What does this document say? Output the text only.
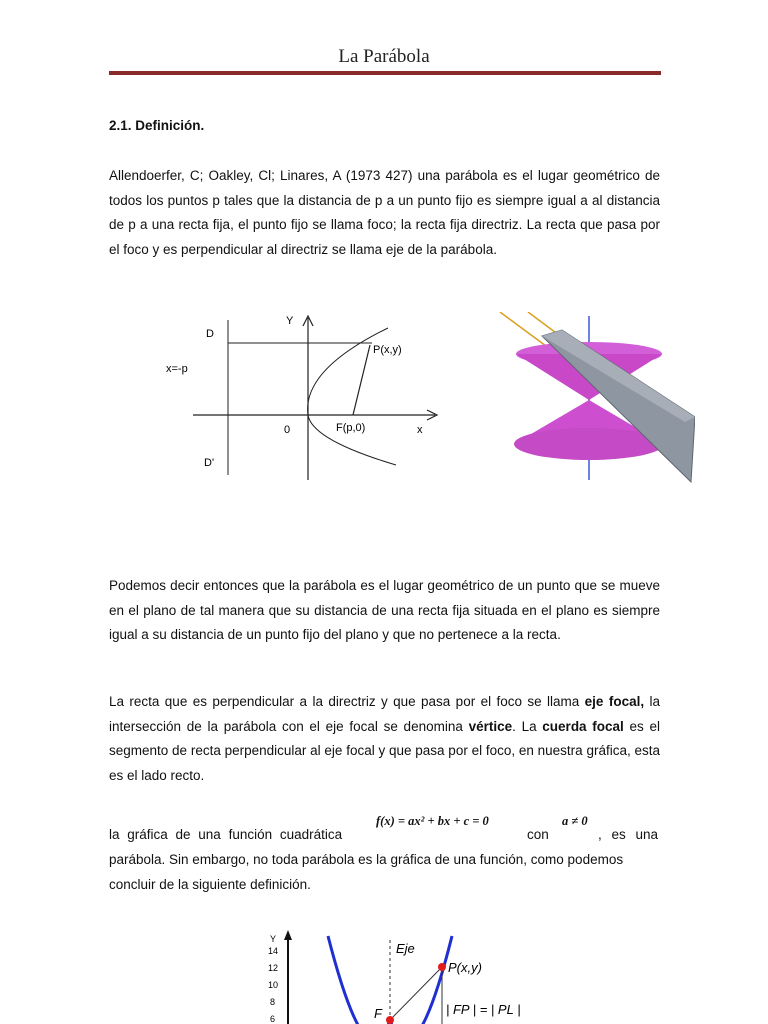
La Parábola
2.1. Definición.
Allendoerfer, C; Oakley, Cl; Linares, A (1973 427) una parábola es el lugar geométrico de todos los puntos p tales que la distancia de p a un punto fijo es siempre igual a al distancia de p a una recta fija, el punto fijo se llama foco; la recta fija directriz. La recta que pasa por el foco y es perpendicular al directriz se llama eje de la parábola.
D
D'
x=-p
Y
x
0
P(x,y)
F(p,0)
Podemos decir entonces que la parábola es el lugar geométrico de un punto que se mueve en el plano de tal manera que su distancia de una recta fija situada en el plano es siempre igual a su distancia de un punto fijo del plano y que no pertenece a la recta.
La recta que es perpendicular a la directriz y que pasa por el foco se llama eje focal, la intersección de la parábola con el eje focal se denomina vértice. La cuerda focal es el segmento de recta perpendicular al eje focal y que pasa por el foco, en nuestra gráfica, esta es el lado recto.
la gráfica de una función cuadrática
f(x) = ax² + bx + c = 0
con
a ≠ 0
, es una
parábola. Sin embargo, no toda parábola es la gráfica de una función, como podemos
concluir de la siguiente definición.
Y
14
12
10
8
6
Eje
P(x,y)
F	| FP | = | PL |
